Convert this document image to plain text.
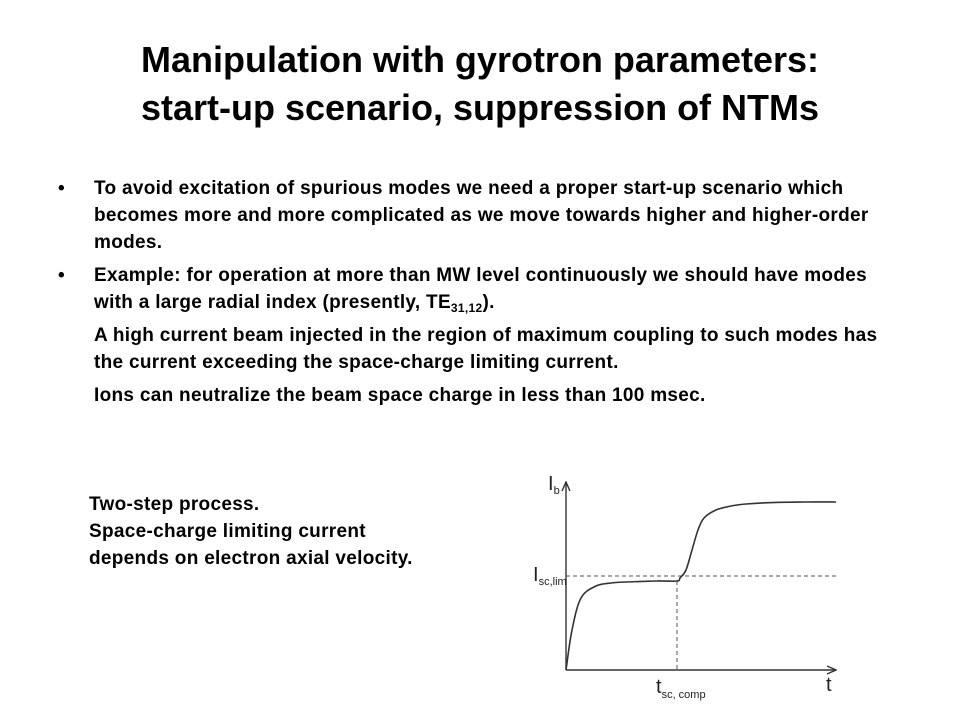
Manipulation with gyrotron parameters:
start-up scenario, suppression of NTMs
• To avoid excitation of spurious modes we need a proper start-up scenario which becomes more and more complicated as we move towards higher and higher-order modes.
• Example: for operation at more than MW level continuously we should have modes with a large radial index (presently, $TE_{31,12}$).
A high current beam injected in the region of maximum coupling to such modes has the current exceeding the space-charge limiting current.
Ions can neutralize the beam space charge in less than 100 msec.
Two-step process.
Space-charge limiting current
depends on electron axial velocity.
$I_b$
$I_{sc,lim}$
$t_{sc, comp}$	t
